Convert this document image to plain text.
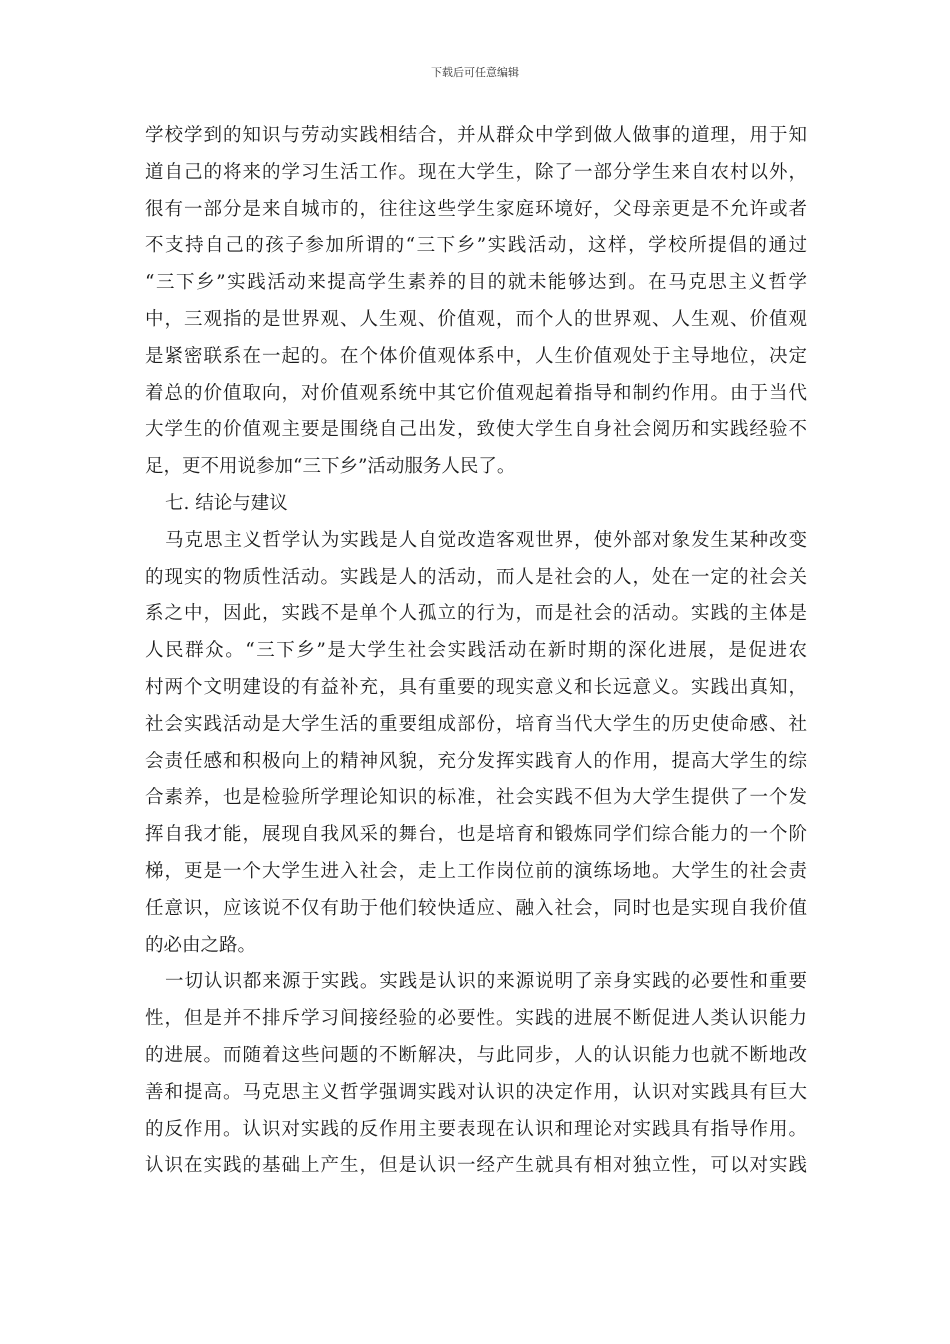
下载后可任意编辑
学校学到的知识与劳动实践相结合，并从群众中学到做人做事的道理，用于知
道自己的将来的学习生活工作。现在大学生，除了一部分学生来自农村以外，
很有一部分是来自城市的，往往这些学生家庭环境好，父母亲更是不允许或者
不支持自己的孩子参加所谓的“三下乡”实践活动，这样，学校所提倡的通过
“三下乡”实践活动来提高学生素养的目的就未能够达到。在马克思主义哲学
中，三观指的是世界观、人生观、价值观，而个人的世界观、人生观、价值观
是紧密联系在一起的。在个体价值观体系中，人生价值观处于主导地位，决定
着总的价值取向，对价值观系统中其它价值观起着指导和制约作用。由于当代
大学生的价值观主要是围绕自己出发，致使大学生自身社会阅历和实践经验不
足，更不用说参加“三下乡”活动服务人民了。
七. 结论与建议
马克思主义哲学认为实践是人自觉改造客观世界，使外部对象发生某种改变
的现实的物质性活动。实践是人的活动，而人是社会的人，处在一定的社会关
系之中，因此，实践不是单个人孤立的行为，而是社会的活动。实践的主体是
人民群众。“三下乡”是大学生社会实践活动在新时期的深化进展，是促进农
村两个文明建设的有益补充，具有重要的现实意义和长远意义。实践出真知，
社会实践活动是大学生活的重要组成部份，培育当代大学生的历史使命感、社
会责任感和积极向上的精神风貌，充分发挥实践育人的作用，提高大学生的综
合素养，也是检验所学理论知识的标准，社会实践不但为大学生提供了一个发
挥自我才能，展现自我风采的舞台，也是培育和锻炼同学们综合能力的一个阶
梯，更是一个大学生进入社会，走上工作岗位前的演练场地。大学生的社会责
任意识，应该说不仅有助于他们较快适应、融入社会，同时也是实现自我价值
的必由之路。
一切认识都来源于实践。实践是认识的来源说明了亲身实践的必要性和重要
性，但是并不排斥学习间接经验的必要性。实践的进展不断促进人类认识能力
的进展。而随着这些问题的不断解决，与此同步，人的认识能力也就不断地改
善和提高。马克思主义哲学强调实践对认识的决定作用，认识对实践具有巨大
的反作用。认识对实践的反作用主要表现在认识和理论对实践具有指导作用。
认识在实践的基础上产生，但是认识一经产生就具有相对独立性，可以对实践
